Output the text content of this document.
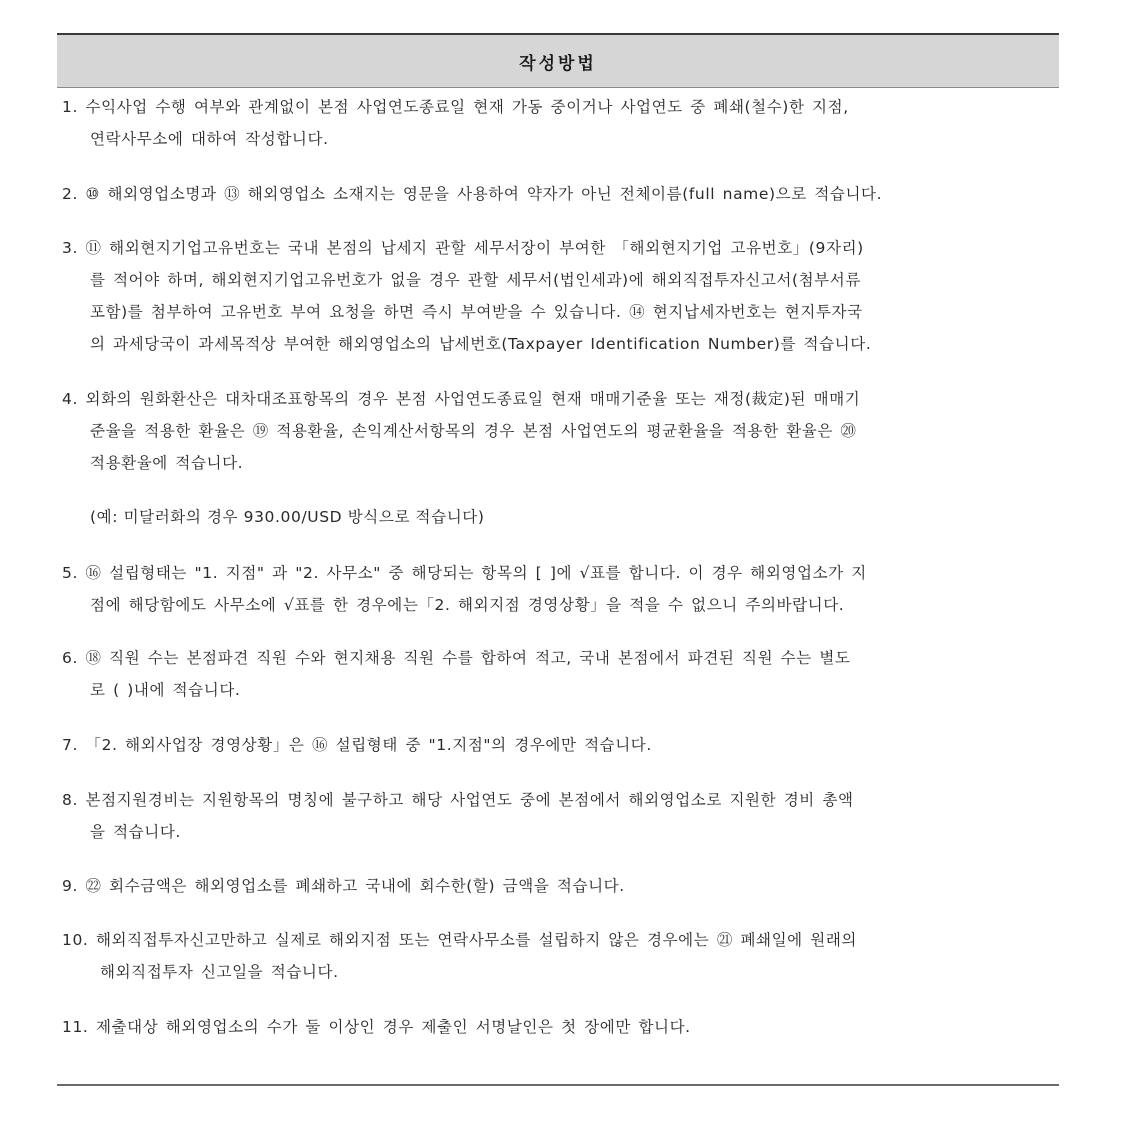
작성방법
1. 수익사업 수행 여부와 관계없이 본점 사업연도종료일 현재 가동 중이거나 사업연도 중 폐쇄(철수)한 지점,
연락사무소에 대하여 작성합니다.
2. ⑩ 해외영업소명과 ⑬ 해외영업소 소재지는 영문을 사용하여 약자가 아닌 전체이름(full name)으로 적습니다.
3. ⑪ 해외현지기업고유번호는 국내 본점의 납세지 관할 세무서장이 부여한 「해외현지기업 고유번호」(9자리)
를 적어야 하며, 해외현지기업고유번호가 없을 경우 관할 세무서(법인세과)에 해외직접투자신고서(첨부서류
포함)를 첨부하여 고유번호 부여 요청을 하면 즉시 부여받을 수 있습니다. ⑭ 현지납세자번호는 현지투자국
의 과세당국이 과세목적상 부여한 해외영업소의 납세번호(Taxpayer Identification Number)를 적습니다.
4. 외화의 원화환산은 대차대조표항목의 경우 본점 사업연도종료일 현재 매매기준율 또는 재정(裁定)된 매매기
준율을 적용한 환율은 ⑲ 적용환율, 손익계산서항목의 경우 본점 사업연도의 평균환율을 적용한 환율은 ⑳
적용환율에 적습니다.
(예: 미달러화의 경우 930.00/USD 방식으로 적습니다)
5. ⑯ 설립형태는 "1. 지점" 과 "2. 사무소" 중 해당되는 항목의 [ ]에 √표를 합니다. 이 경우 해외영업소가 지
점에 해당함에도 사무소에 √표를 한 경우에는「2. 해외지점 경영상황」을 적을 수 없으니 주의바랍니다.
6. ⑱ 직원 수는 본점파견 직원 수와 현지채용 직원 수를 합하여 적고, 국내 본점에서 파견된 직원 수는 별도
로 ( )내에 적습니다.
7. 「2. 해외사업장 경영상황」은 ⑯ 설립형태 중 "1.지점"의 경우에만 적습니다.
8. 본점지원경비는 지원항목의 명칭에 불구하고 해당 사업연도 중에 본점에서 해외영업소로 지원한 경비 총액
을 적습니다.
9. ㉒ 회수금액은 해외영업소를 폐쇄하고 국내에 회수한(할) 금액을 적습니다.
10. 해외직접투자신고만하고 실제로 해외지점 또는 연락사무소를 설립하지 않은 경우에는 ㉑ 폐쇄일에 원래의
해외직접투자 신고일을 적습니다.
11. 제출대상 해외영업소의 수가 둘 이상인 경우 제출인 서명날인은 첫 장에만 합니다.
